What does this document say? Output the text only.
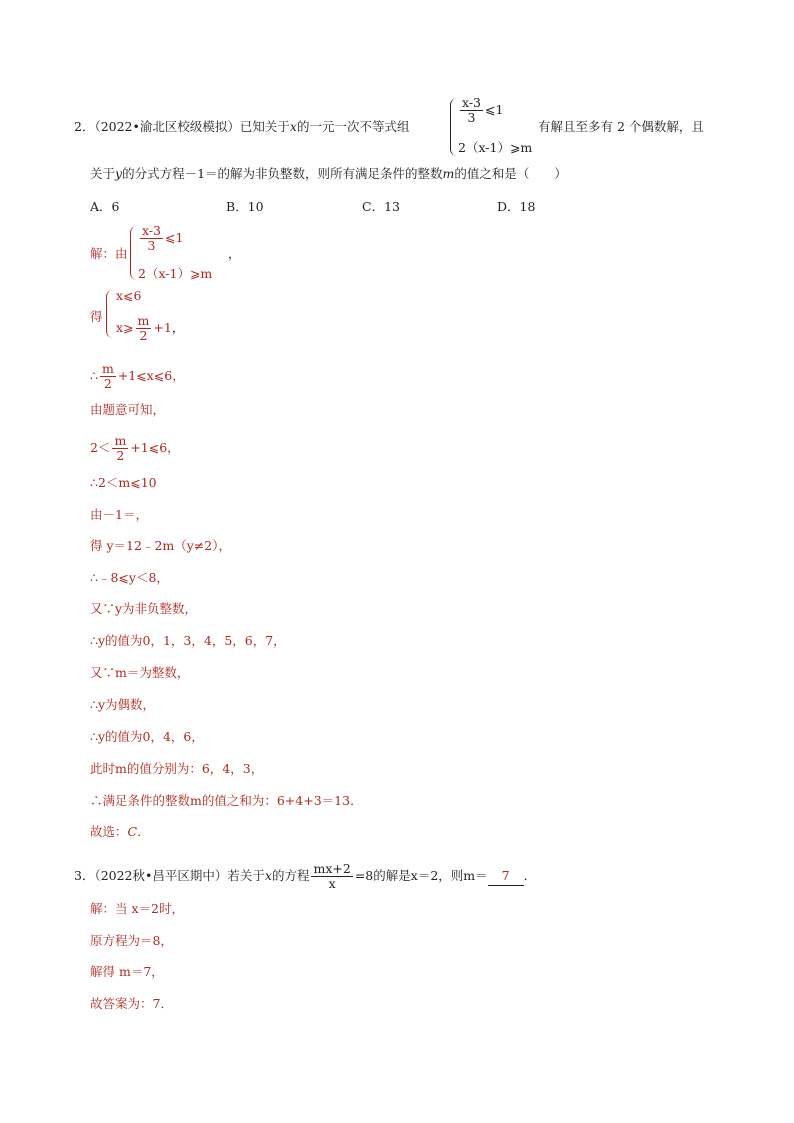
2．（2022•渝北区校级模拟）已知关于x的一元一次不等式组
$\frac{x-3}{3}$ ⩽1
2（x-1）⩾m
有解且至多有 2 个偶数解，且
关于y的分式方程－1＝的解为非负整数，则所有满足条件的整数m的值之和是（　　）
A．6	B．10	C．13	D．18
解：由
$\frac{x-3}{3}$ ⩽1
2（x-1）⩾m
，
得
x⩽6
x⩾ $\frac{m}{2} +1$，
∴ $\frac{m}{2}$ +1⩽x⩽6，
由题意可知，
$2< \frac{m}{2}$ +1⩽6，
∴2＜m⩽10
由－1＝，
得 y＝12﹣2m（y≠2），
∴﹣8⩽y＜8，
又∵y为非负整数，
∴y的值为0，1，3，4，5，6，7，
又∵m＝为整数，
∴y为偶数，
∴y的值为0，4，6，
此时m的值分别为：6，4，3，
∴满足条件的整数m的值之和为：6+4+3＝13．
故选：C．
3．（2022秋•昌平区期中）若关于x的方程 $\frac{mx+2}{x} =8$的解是x＝2，则m＝ 7 ．
解：当 x＝2时，
原方程为＝8，
解得 m＝7，
故答案为：7．
